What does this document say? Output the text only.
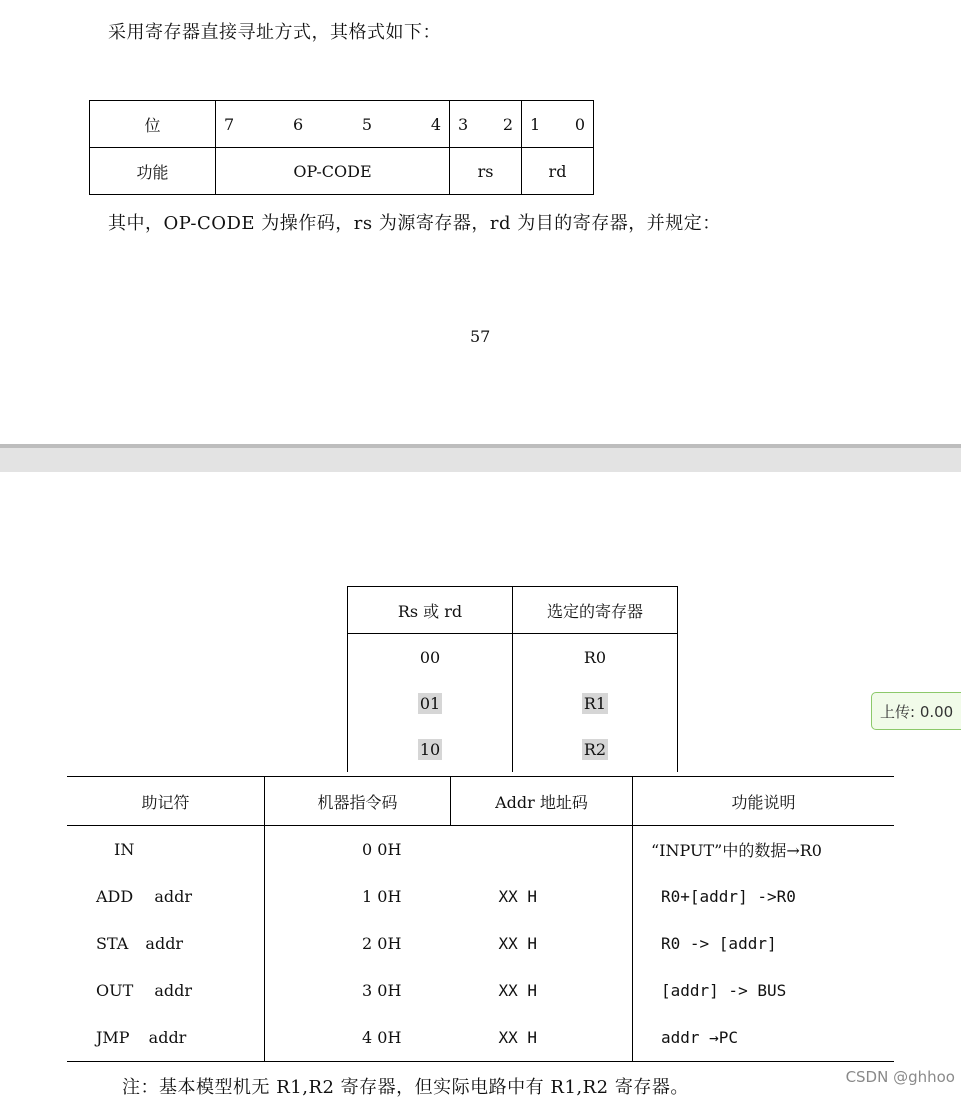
采用寄存器直接寻址方式，其格式如下：
位	7 6 5 4	3 2	1 0

功能	OP-CODE	rs	rd
其中，OP-CODE 为操作码，rs 为源寄存器，rd 为目的寄存器，并规定：
57
Rs 或 rd	选定的寄存器
00	R0
01	R1
10	R2
上传: 0.00
助记符	机器指令码	Addr 地址码	功能说明
IN	0 0H		“INPUT”中的数据→R0
ADD addr	1 0H	XX H	R0+[addr] ->R0
STA addr	2 0H	XX H	R0 -> [addr]
OUT addr	3 0H	XX H	[addr] -> BUS
JMP addr	4 0H	XX H	addr →PC
注：基本模型机无 R1,R2 寄存器，但实际电路中有 R1,R2 寄存器。	CSDN @ghhoo
